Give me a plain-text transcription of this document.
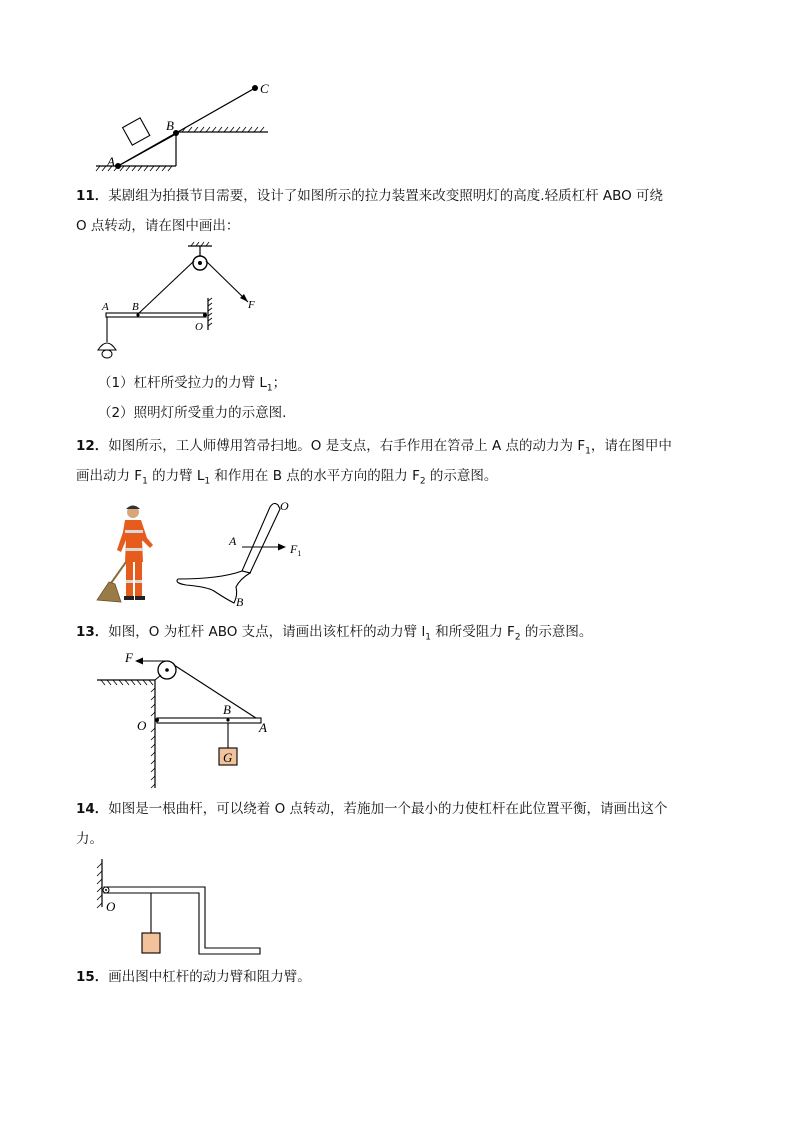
A
B
C
11．某剧组为拍摄节目需要，设计了如图所示的拉力装置来改变照明灯的高度.轻质杠杆 ABO 可绕
O 点转动，请在图中画出：
A B
O
F
（1）杠杆所受拉力的力臂 $L_1$；
（2）照明灯所受重力的示意图.
12．如图所示，工人师傅用笤帚扫地。O 是支点，右手作用在笤帚上 A 点的动力为 $F_1$，请在图甲中
画出动力 $F_1$ 的力臂 $L_1$ 和作用在 B 点的水平方向的阻力 $F_2$ 的示意图。
O
A
B
$F_1$
13．如图，O 为杠杆 ABO 支点，请画出该杠杆的动力臂 $l_1$ 和所受阻力 $F_2$ 的示意图。
F
O
B
A
G
14．如图是一根曲杆，可以绕着 O 点转动，若施加一个最小的力使杠杆在此位置平衡，请画出这个
力。
O
15．画出图中杠杆的动力臂和阻力臂。
